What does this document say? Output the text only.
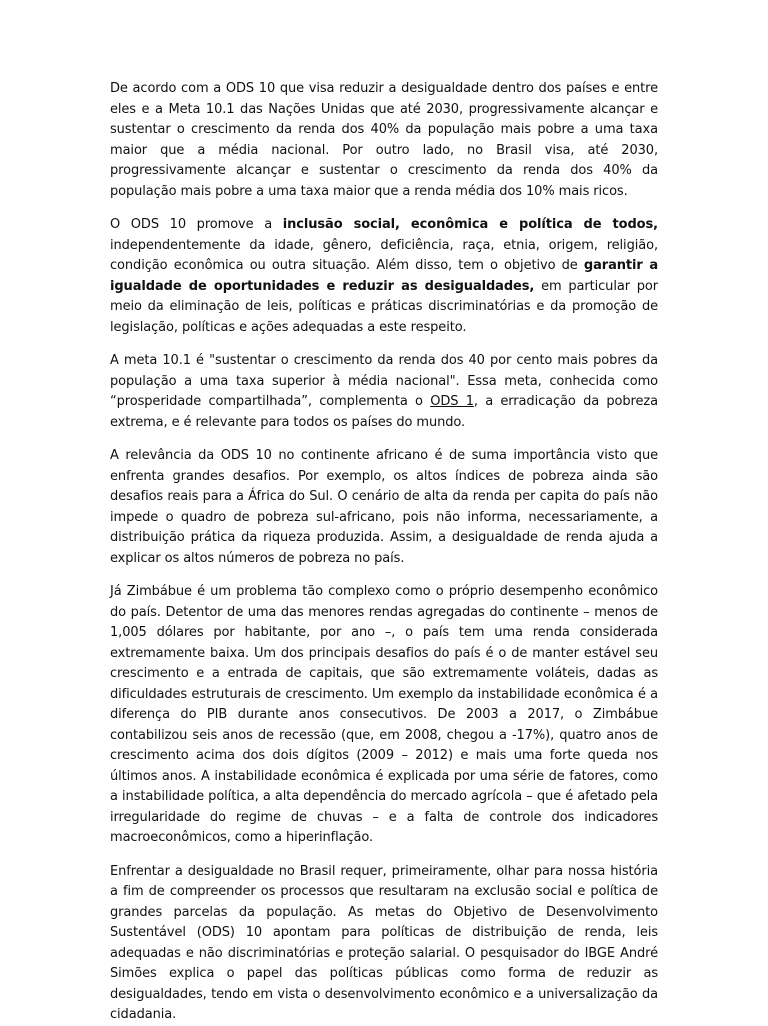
De acordo com a ODS 10 que visa reduzir a desigualdade dentro dos países e entre eles e a Meta 10.1 das Nações Unidas que até 2030, progressivamente alcançar e sustentar o crescimento da renda dos 40% da população mais pobre a uma taxa maior que a média nacional. Por outro lado, no Brasil visa, até 2030, progressivamente alcançar e sustentar o crescimento da renda dos 40% da população mais pobre a uma taxa maior que a renda média dos 10% mais ricos.

O ODS 10 promove a inclusão social, econômica e política de todos, independentemente da idade, gênero, deficiência, raça, etnia, origem, religião, condição econômica ou outra situação. Além disso, tem o objetivo de garantir a igualdade de oportunidades e reduzir as desigualdades, em particular por meio da eliminação de leis, políticas e práticas discriminatórias e da promoção de legislação, políticas e ações adequadas a este respeito.

A meta 10.1 é "sustentar o crescimento da renda dos 40 por cento mais pobres da população a uma taxa superior à média nacional". Essa meta, conhecida como “prosperidade compartilhada”, complementa o ODS 1, a erradicação da pobreza extrema, e é relevante para todos os países do mundo.

A relevância da ODS 10 no continente africano é de suma importância visto que enfrenta grandes desafios. Por exemplo, os altos índices de pobreza ainda são desafios reais para a África do Sul. O cenário de alta da renda per capita do país não impede o quadro de pobreza sul-africano, pois não informa, necessariamente, a distribuição prática da riqueza produzida. Assim, a desigualdade de renda ajuda a explicar os altos números de pobreza no país.

Já Zimbábue é um problema tão complexo como o próprio desempenho econômico do país. Detentor de uma das menores rendas agregadas do continente – menos de 1,005 dólares por habitante, por ano –, o país tem uma renda considerada extremamente baixa. Um dos principais desafios do país é o de manter estável seu crescimento e a entrada de capitais, que são extremamente voláteis, dadas as dificuldades estruturais de crescimento. Um exemplo da instabilidade econômica é a diferença do PIB durante anos consecutivos. De 2003 a 2017, o Zimbábue contabilizou seis anos de recessão (que, em 2008, chegou a -17%), quatro anos de crescimento acima dos dois dígitos (2009 – 2012) e mais uma forte queda nos últimos anos. A instabilidade econômica é explicada por uma série de fatores, como a instabilidade política, a alta dependência do mercado agrícola – que é afetado pela irregularidade do regime de chuvas – e a falta de controle dos indicadores macroeconômicos, como a hiperinflação.

Enfrentar a desigualdade no Brasil requer, primeiramente, olhar para nossa história a fim de compreender os processos que resultaram na exclusão social e política de grandes parcelas da população. As metas do Objetivo de Desenvolvimento Sustentável (ODS) 10 apontam para políticas de distribuição de renda, leis adequadas e não discriminatórias e proteção salarial. O pesquisador do IBGE André Simões explica o papel das políticas públicas como forma de reduzir as desigualdades, tendo em vista o desenvolvimento econômico e a universalização da cidadania.
